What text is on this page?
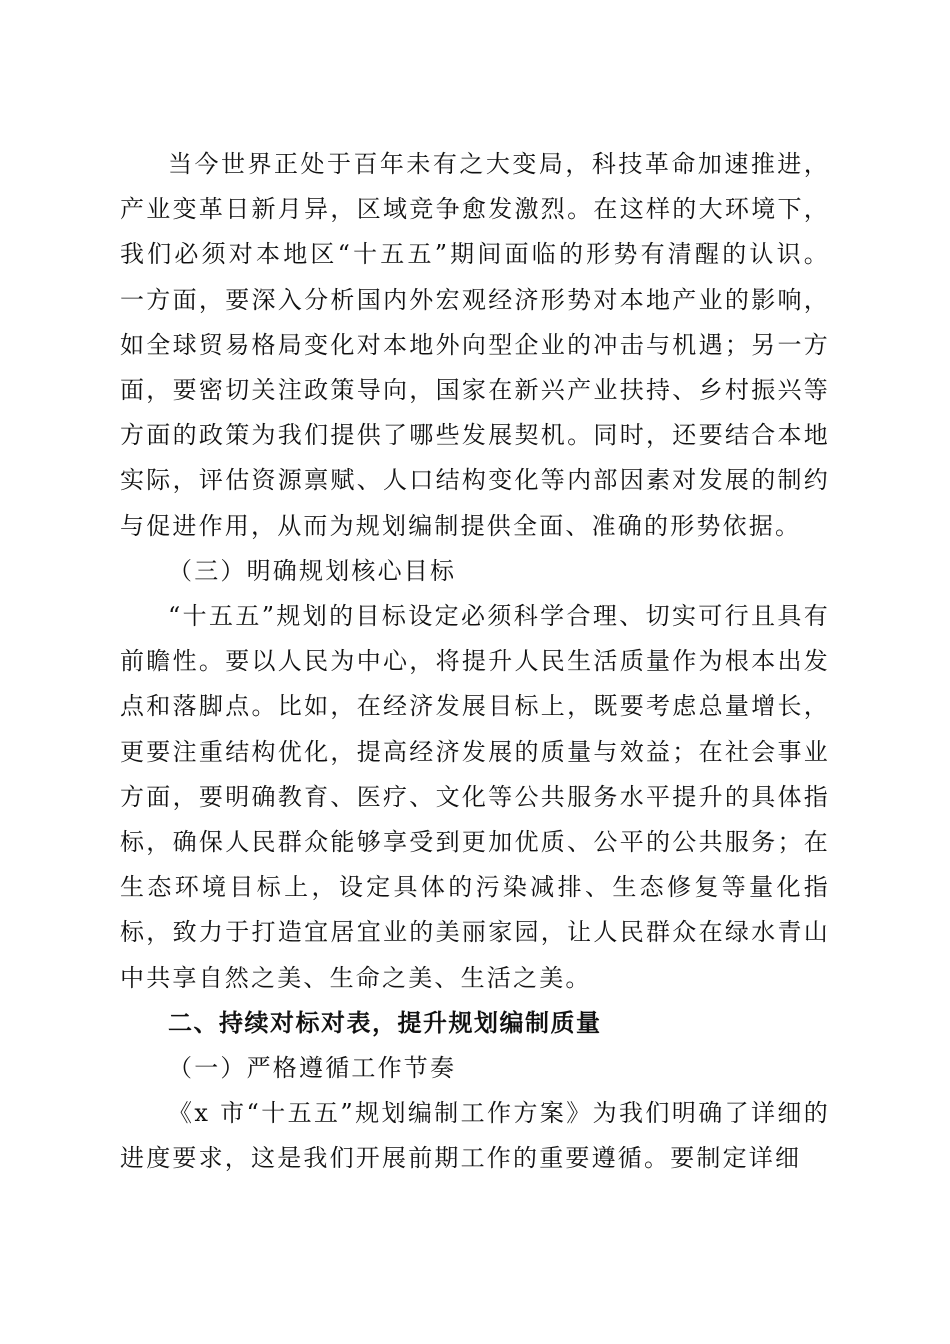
当今世界正处于百年未有之大变局，科技革命加速推进，产业变革日新月异，区域竞争愈发激烈。在这样的大环境下，我们必须对本地区“十五五”期间面临的形势有清醒的认识。一方面，要深入分析国内外宏观经济形势对本地产业的影响，如全球贸易格局变化对本地外向型企业的冲击与机遇；另一方面，要密切关注政策导向，国家在新兴产业扶持、乡村振兴等方面的政策为我们提供了哪些发展契机。同时，还要结合本地实际，评估资源禀赋、人口结构变化等内部因素对发展的制约与促进作用，从而为规划编制提供全面、准确的形势依据。

（三）明确规划核心目标

“十五五”规划的目标设定必须科学合理、切实可行且具有前瞻性。要以人民为中心，将提升人民生活质量作为根本出发点和落脚点。比如，在经济发展目标上，既要考虑总量增长，更要注重结构优化，提高经济发展的质量与效益；在社会事业方面，要明确教育、医疗、文化等公共服务水平提升的具体指标，确保人民群众能够享受到更加优质、公平的公共服务；在生态环境目标上，设定具体的污染减排、生态修复等量化指标，致力于打造宜居宜业的美丽家园，让人民群众在绿水青山中共享自然之美、生命之美、生活之美。

二、持续对标对表，提升规划编制质量

（一）严格遵循工作节奏

《x 市“十五五”规划编制工作方案》为我们明确了详细的进度要求，这是我们开展前期工作的重要遵循。要制定详细
